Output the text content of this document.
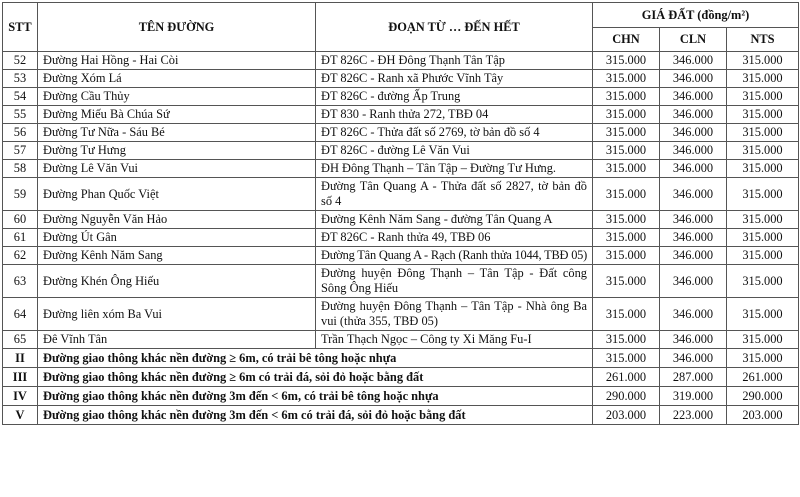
STT	TÊN ĐƯỜNG	ĐOẠN TỪ … ĐẾN HẾT	GIÁ ĐẤT (đồng/m²)		
			CHN	CLN	NTS
52	Đường Hai Hồng - Hai Còi	ĐT 826C - ĐH Đông Thạnh Tân Tập	315.000	346.000	315.000
53	Đường Xóm Lá	ĐT 826C - Ranh xã Phước Vĩnh Tây	315.000	346.000	315.000
54	Đường Cầu Thủy	ĐT 826C - đường Ấp Trung	315.000	346.000	315.000
55	Đường Miếu Bà Chúa Sứ	ĐT 830 - Ranh thửa 272, TBĐ 04	315.000	346.000	315.000
56	Đường Tư Nữa - Sáu Bé	ĐT 826C - Thửa đất số 2769, tờ bản đồ số 4	315.000	346.000	315.000
57	Đường Tư Hưng	ĐT 826C - đường Lê Văn Vui	315.000	346.000	315.000
58	Đường Lê Văn Vui	ĐH Đông Thạnh – Tân Tập – Đường Tư Hưng.	315.000	346.000	315.000
59	Đường Phan Quốc Việt	Đường Tân Quang A - Thửa đất số 2827, tờ bản đồ số 4	315.000	346.000	315.000
60	Đường Nguyễn Văn Hảo	Đường Kênh Năm Sang - đường Tân Quang A	315.000	346.000	315.000
61	Đường Út Gân	ĐT 826C - Ranh thửa 49, TBĐ 06	315.000	346.000	315.000
62	Đường Kênh Năm Sang	Đường Tân Quang A - Rạch (Ranh thửa 1044, TBĐ 05)	315.000	346.000	315.000
63	Đường Khén Ông Hiếu	Đường huyện Đông Thạnh – Tân Tập - Đất công Sông Ông Hiếu	315.000	346.000	315.000
64	Đường liên xóm Ba Vui	Đường huyện Đông Thạnh – Tân Tập - Nhà ông Ba vui (thửa 355, TBĐ 05)	315.000	346.000	315.000
65	Đê Vĩnh Tân	Trần Thạch Ngọc – Công ty Xi Măng Fu-I	315.000	346.000	315.000
II	Đường giao thông khác nền đường ≥ 6m, có trải bê tông hoặc nhựa		315.000	346.000	315.000
III	Đường giao thông khác nền đường ≥ 6m có trải đá, sỏi đỏ hoặc bằng đất		261.000	287.000	261.000
IV	Đường giao thông khác nền đường 3m đến < 6m, có trải bê tông hoặc nhựa		290.000	319.000	290.000
V	Đường giao thông khác nền đường 3m đến < 6m có trải đá, sỏi đỏ hoặc bằng đất		203.000	223.000	203.000
